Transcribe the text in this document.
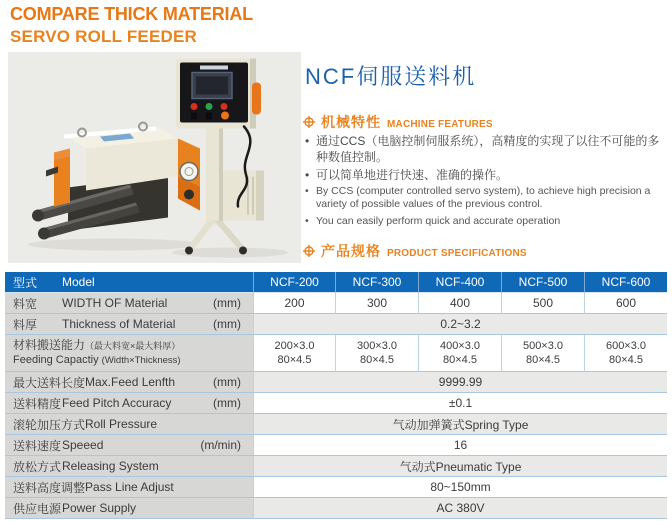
COMPARE THICK MATERIAL
SERVO ROLL FEEDER
NCF伺服送料机
机械特性 MACHINE FEATURES
• 通过CCS（电脑控制伺服系统），高精度的实现了以往不可能的多种数值控制。
• 可以简单地进行快速、准确的操作。
• By CCS (computer controlled servo system), to achieve high precision a variety of possible values of the previous control.
• You can easily perform quick and accurate operation
产品规格 PRODUCT SPECIFICATIONS
型式 Model	NCF-200	NCF-300	NCF-400	NCF-500	NCF-600

料宽 WIDTH OF Material (mm)	200	300	400	500	600

料厚 Thickness of Material (mm)	0.2~3.2				

材料搬送能力（最大料宽×最大料厚）
Feeding Capactiy (Width×Thickness)
	200×3.0
80×4.5	300×3.0
80×4.5	400×3.0
80×4.5	500×3.0
80×4.5	600×3.0
80×4.5

最大送料长度 Max.Feed Lenfth (mm)	9999.99				

送料精度 Feed Pitch Accuracy (mm)	±0.1				

滚轮加压方式 Roll Pressure	气动加弹簧式Spring Type				

送料速度 Speeed (m/min)	16				

放松方式 Releasing System	气动式Pneumatic Type				

送料高度调整 Pass Line Adjust	80~150mm				

供应电源 Power Supply	AC 380V				
